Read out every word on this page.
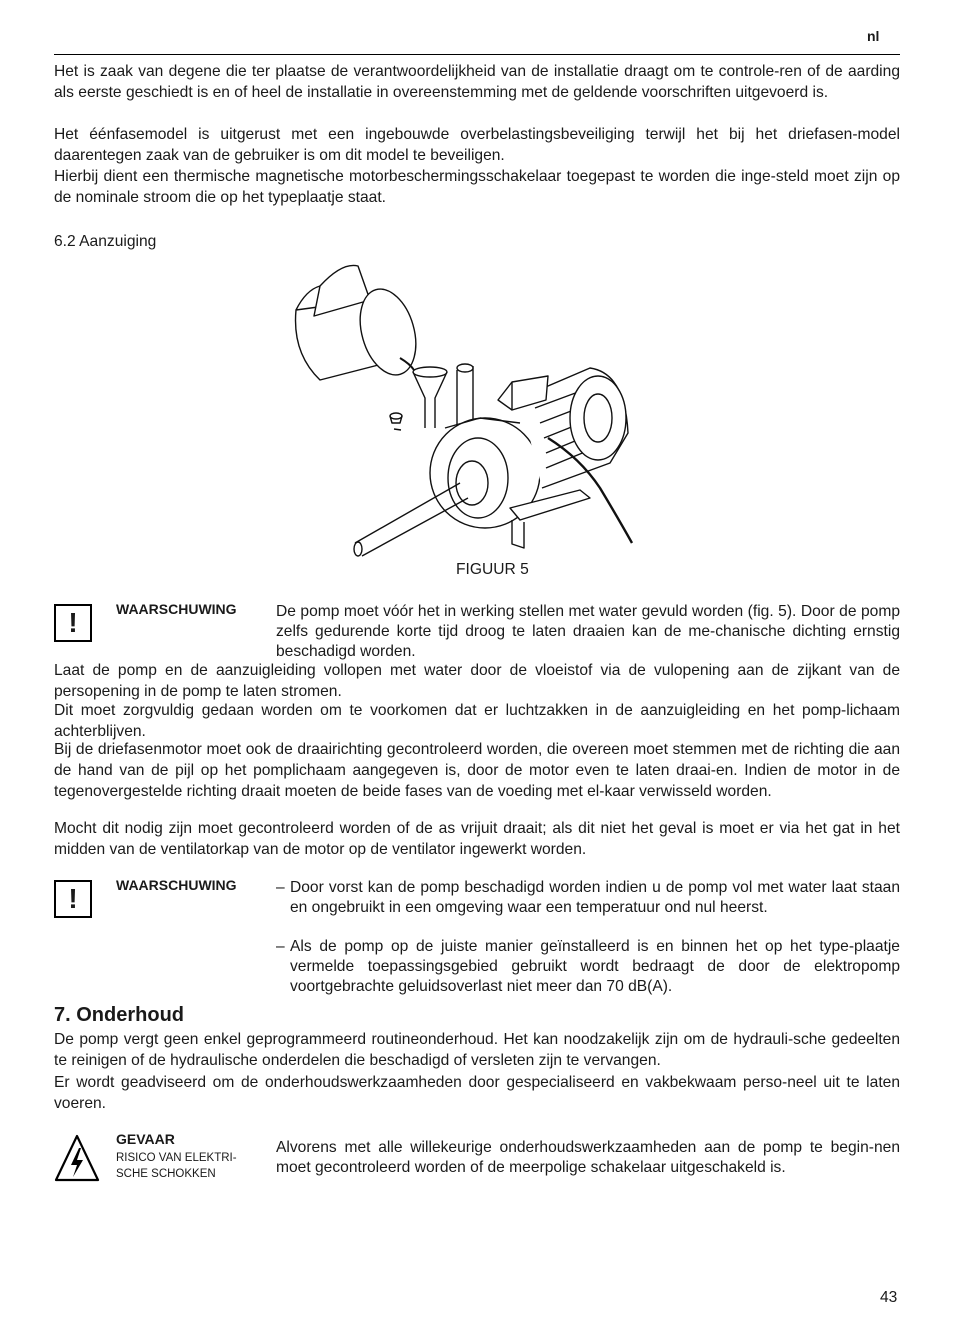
nl
Het is zaak van degene die ter plaatse de verantwoordelijkheid van de installatie draagt om te controle-ren of de aarding als eerste geschiedt is en of heel de installatie in overeenstemming met de geldende voorschriften uitgevoerd is.
Het éénfasemodel is uitgerust met een ingebouwde overbelastingsbeveiliging terwijl het bij het driefasen-model daarentegen zaak van de gebruiker is om dit model te beveiligen.
Hierbij dient een thermische magnetische motorbeschermingsschakelaar toegepast te worden die inge-steld moet zijn op de nominale stroom die op het typeplaatje staat.
6.2 Aanzuiging
FIGUUR 5
!	WAARSCHUWING	De pomp moet vóór het in werking stellen met water gevuld worden (fig. 5). Door de pomp zelfs gedurende korte tijd droog te laten draaien kan de me-chanische dichting ernstig beschadigd worden.
Laat de pomp en de aanzuigleiding vollopen met water door de vloeistof via de vulopening aan de zijkant van de persopening in de pomp te laten stromen.
Dit moet zorgvuldig gedaan worden om te voorkomen dat er luchtzakken in de aanzuigleiding en het pomp-lichaam achterblijven.
Bij de driefasenmotor moet ook de draairichting gecontroleerd worden, die overeen moet stemmen met de richting die aan de hand van de pijl op het pomplichaam aangegeven is, door de motor even te laten draai-en. Indien de motor in de tegenovergestelde richting draait moeten de beide fases van de voeding met el-kaar verwisseld worden.
Mocht dit nodig zijn moet gecontroleerd worden of de as vrijuit draait; als dit niet het geval is moet er via het gat in het midden van de ventilatorkap van de motor op de ventilator ingewerkt worden.
!	WAARSCHUWING	– Door vorst kan de pomp beschadigd worden indien u de pomp vol met water laat staan en ongebruikt in een omgeving waar een temperatuur ond nul heerst.
– Als de pomp op de juiste manier geïnstalleerd is en binnen het op het type-plaatje vermelde toepassingsgebied gebruikt wordt bedraagt de door de elektropomp voortgebrachte geluidsoverlast niet meer dan 70 dB(A).
7. Onderhoud
De pomp vergt geen enkel geprogrammeerd routineonderhoud. Het kan noodzakelijk zijn om de hydrauli-sche gedeelten te reinigen of de hydraulische onderdelen die beschadigd of versleten zijn te vervangen.
Er wordt geadviseerd om de onderhoudswerkzaamheden door gespecialiseerd en vakbekwaam perso-neel uit te laten voeren.
GEVAAR
RISICO VAN ELEKTRI-
SCHE SCHOKKEN
Alvorens met alle willekeurige onderhoudswerkzaamheden aan de pomp te begin-nen moet gecontroleerd worden of de meerpolige schakelaar uitgeschakeld is.
43
